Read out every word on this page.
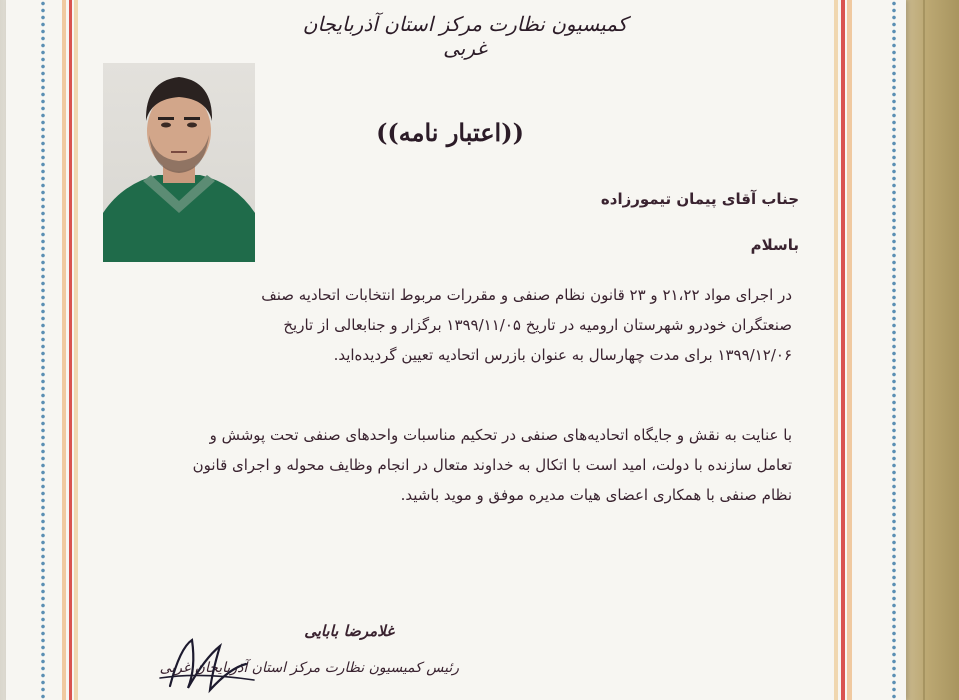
کمیسیون نظارت مرکز استان آذربایجان غربی
((اعتبار نامه))
جناب آقای پیمان تیمورزاده
باسلام
در اجرای مواد ۲۱،۲۲ و ۲۳ قانون نظام صنفی و مقررات مربوط انتخابات اتحادیه صنف
صنعتگران خودرو شهرستان ارومیه در تاریخ ۱۳۹۹/۱۱/۰۵ برگزار و جنابعالی از تاریخ
۱۳۹۹/۱۲/۰۶ برای مدت چهارسال به عنوان بازرس اتحادیه تعیین گردیده‌اید.
با عنایت به نقش و جایگاه اتحادیه‌های صنفی در تحکیم مناسبات واحدهای صنفی تحت پوشش و
تعامل سازنده با دولت، امید است با اتکال به خداوند متعال در انجام وظایف محوله و اجرای قانون
نظام صنفی با همکاری اعضای هیات مدیره موفق و موید باشید.
غلامرضا بابایی
رئیس کمیسیون نظارت مرکز استان آذربایجان غربی
